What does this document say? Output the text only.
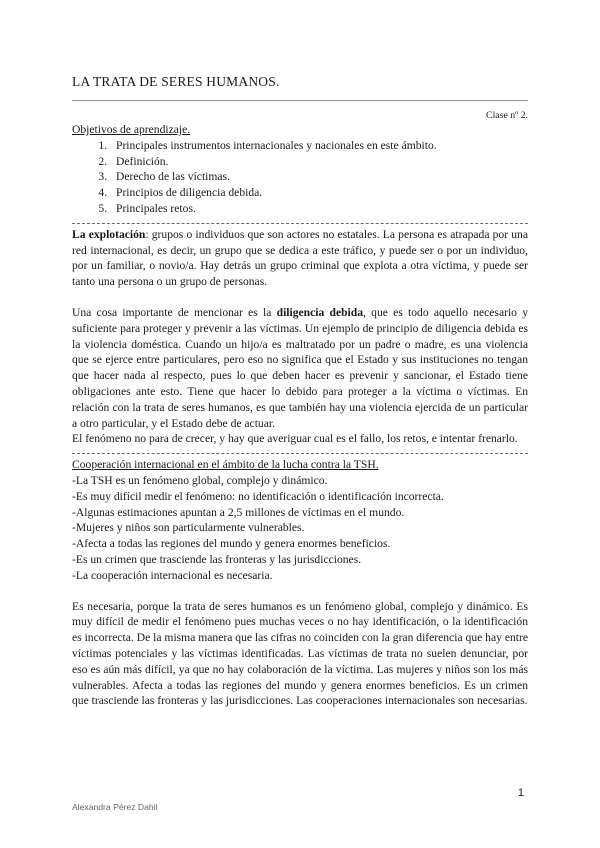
LA TRATA DE SERES HUMANOS.
Clase nº 2.
Objetivos de aprendizaje.
1. Principales instrumentos internacionales y nacionales en este ámbito.
2. Definición.
3. Derecho de las víctimas.
4. Principios de diligencia debida.
5. Principales retos.

La explotación: grupos o individuos que son actores no estatales. La persona es atrapada por una red internacional, es decir, un grupo que se dedica a este tráfico, y puede ser o por un individuo, por un familiar, o novio/a. Hay detrás un grupo criminal que explota a otra víctima, y puede ser tanto una persona o un grupo de personas.

Una cosa importante de mencionar es la diligencia debida, que es todo aquello necesario y suficiente para proteger y prevenir a las víctimas. Un ejemplo de principio de diligencia debida es la violencia doméstica. Cuando un hijo/a es maltratado por un padre o madre, es una violencia que se ejerce entre particulares, pero eso no significa que el Estado y sus instituciones no tengan que hacer nada al respecto, pues lo que deben hacer es prevenir y sancionar, el Estado tiene obligaciones ante esto. Tiene que hacer lo debido para proteger a la víctima o víctimas. En relación con la trata de seres humanos, es que también hay una violencia ejercida de un particular a otro particular, y el Estado debe de actuar.

El fenómeno no para de crecer, y hay que averiguar cual es el fallo, los retos, e intentar frenarlo.

Cooperación internacional en el ámbito de la lucha contra la TSH.
-La TSH es un fenómeno global, complejo y dinámico.
-Es muy difícil medir el fenómeno: no identificación o identificación incorrecta.
-Algunas estimaciones apuntan a 2,5 millones de víctimas en el mundo.
-Mujeres y niños son particularmente vulnerables.
-Afecta a todas las regiones del mundo y genera enormes beneficios.
-Es un crimen que trasciende las fronteras y las jurisdicciones.
-La cooperación internacional es necesaria.

Es necesaria, porque la trata de seres humanos es un fenómeno global, complejo y dinámico. Es muy difícil de medir el fenómeno pues muchas veces o no hay identificación, o la identificación es incorrecta. De la misma manera que las cifras no coinciden con la gran diferencia que hay entre víctimas potenciales y las víctimas identificadas. Las víctimas de trata no suelen denunciar, por eso es aún más difícil, ya que no hay colaboración de la víctima. Las mujeres y niños son los más vulnerables. Afecta a todas las regiones del mundo y genera enormes beneficios. Es un crimen que trasciende las fronteras y las jurisdicciones. Las cooperaciones internacionales son necesarias.

1
Alexandra Pérez Dahil
